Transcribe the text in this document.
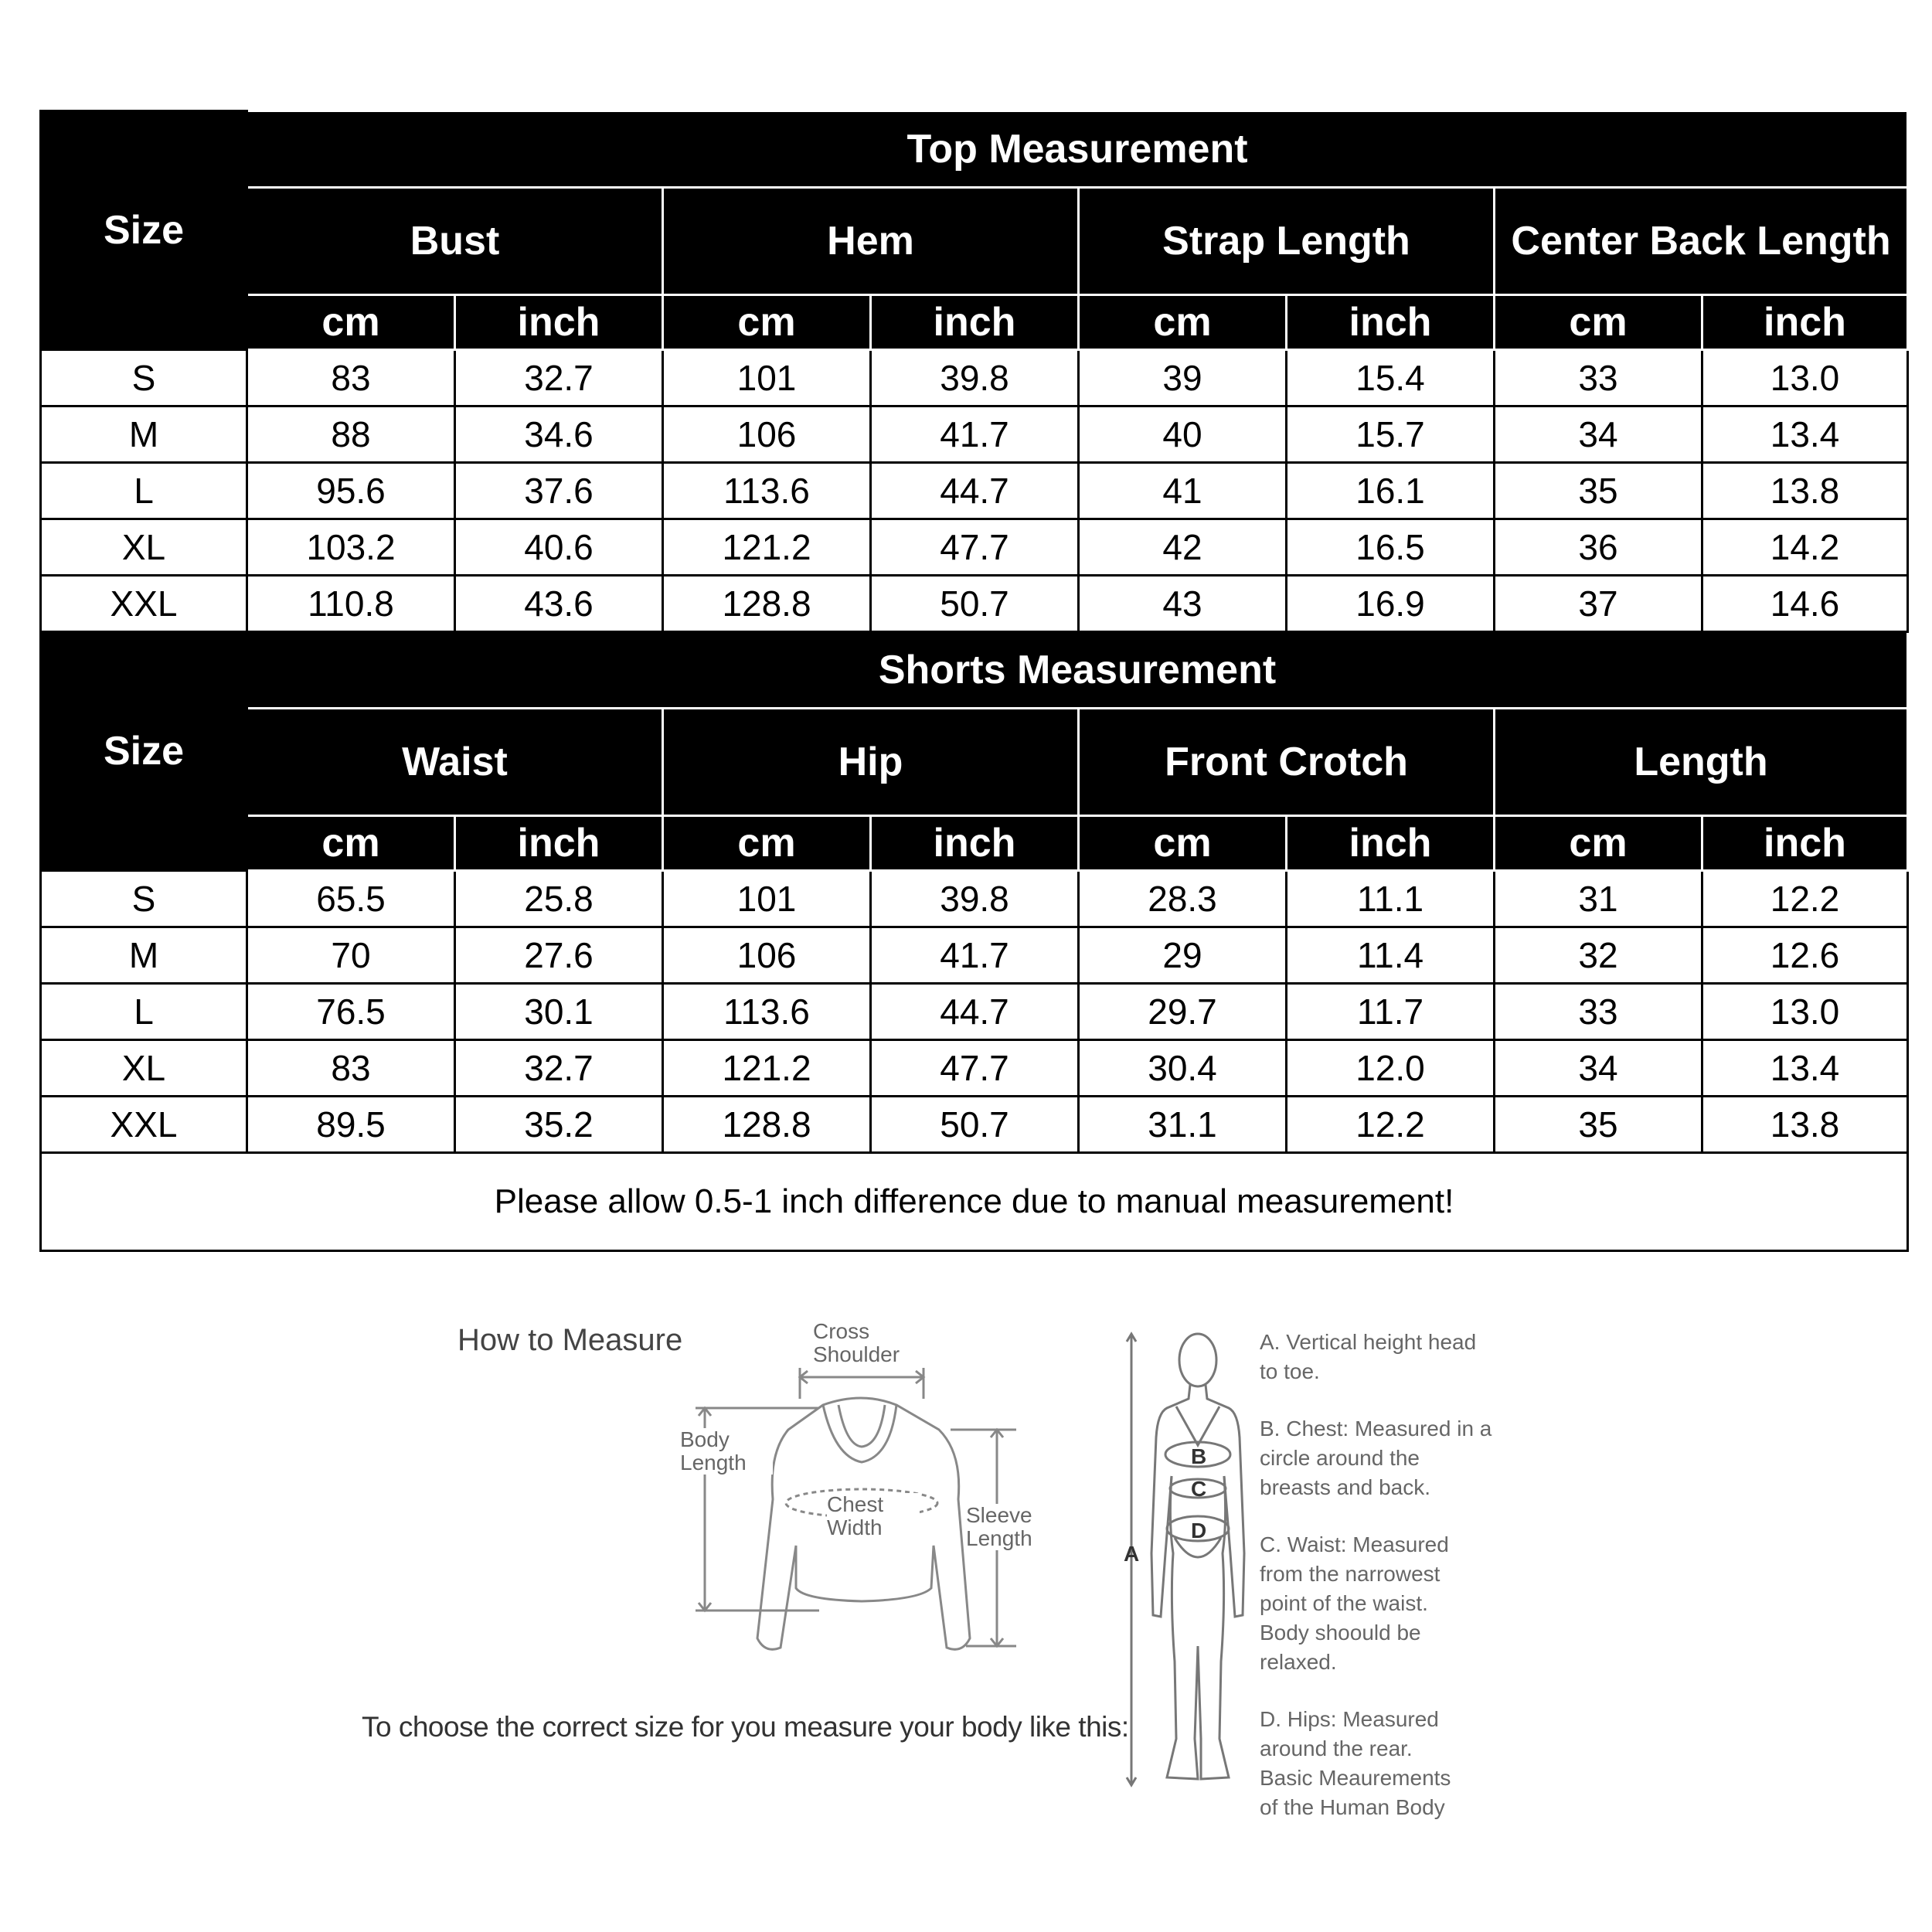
Size	Top Measurement							
	Bust		Hem		Strap Length		Center Back Length	
	cm	inch	cm	inch	cm	inch	cm	inch
S	83	32.7	101	39.8	39	15.4	33	13.0
M	88	34.6	106	41.7	40	15.7	34	13.4
L	95.6	37.6	113.6	44.7	41	16.1	35	13.8
XL	103.2	40.6	121.2	47.7	42	16.5	36	14.2
XXL	110.8	43.6	128.8	50.7	43	16.9	37	14.6
Size	Shorts Measurement							
	Waist		Hip		Front Crotch		Length	
	cm	inch	cm	inch	cm	inch	cm	inch
S	65.5	25.8	101	39.8	28.3	11.1	31	12.2
M	70	27.6	106	41.7	29	11.4	32	12.6
L	76.5	30.1	113.6	44.7	29.7	11.7	33	13.0
XL	83	32.7	121.2	47.7	30.4	12.0	34	13.4
XXL	89.5	35.2	128.8	50.7	31.1	12.2	35	13.8
Please allow 0.5-1 inch difference due to manual measurement!								
How to Measure	Cross
Shoulder
Body
Length
Chest
Width
Sleeve
Length
To choose the correct size for you measure your body like this:
A
B
C
D
A. Vertical height head
to toe.
B. Chest: Measured in a
circle around the
breasts and back.
C. Waist: Measured
from the narrowest
point of the waist.
Body shoould be
relaxed.
D. Hips: Measured
around the rear.
Basic Meaurements
of the Human Body
